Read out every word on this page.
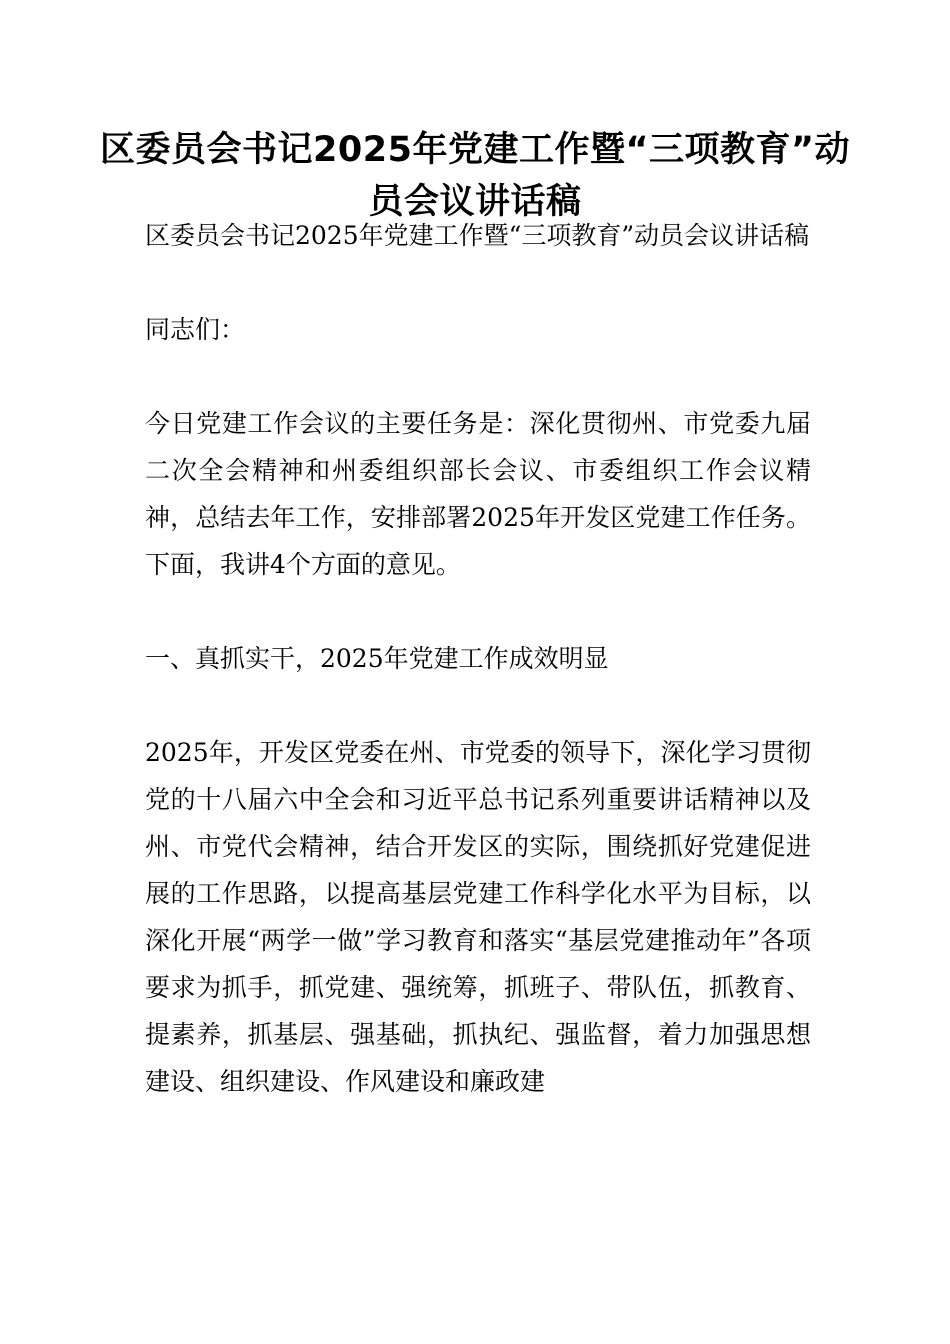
区委员会书记2025年党建工作暨“三项教育”动员会议讲话稿

区委员会书记2025年党建工作暨“三项教育”动员会议讲话稿

同志们：

今日党建工作会议的主要任务是：深化贯彻州、市党委九届二次全会精神和州委组织部长会议、市委组织工作会议精神，总结去年工作，安排部署2025年开发区党建工作任务。下面，我讲4个方面的意见。

一、真抓实干，2025年党建工作成效明显

2025年，开发区党委在州、市党委的领导下，深化学习贯彻党的十八届六中全会和习近平总书记系列重要讲话精神以及州、市党代会精神，结合开发区的实际，围绕抓好党建促进展的工作思路，以提高基层党建工作科学化水平为目标，以深化开展“两学一做”学习教育和落实“基层党建推动年”各项要求为抓手，抓党建、强统筹，抓班子、带队伍，抓教育、提素养，抓基层、强基础，抓执纪、强监督，着力加强思想建设、组织建设、作风建设和廉政建
